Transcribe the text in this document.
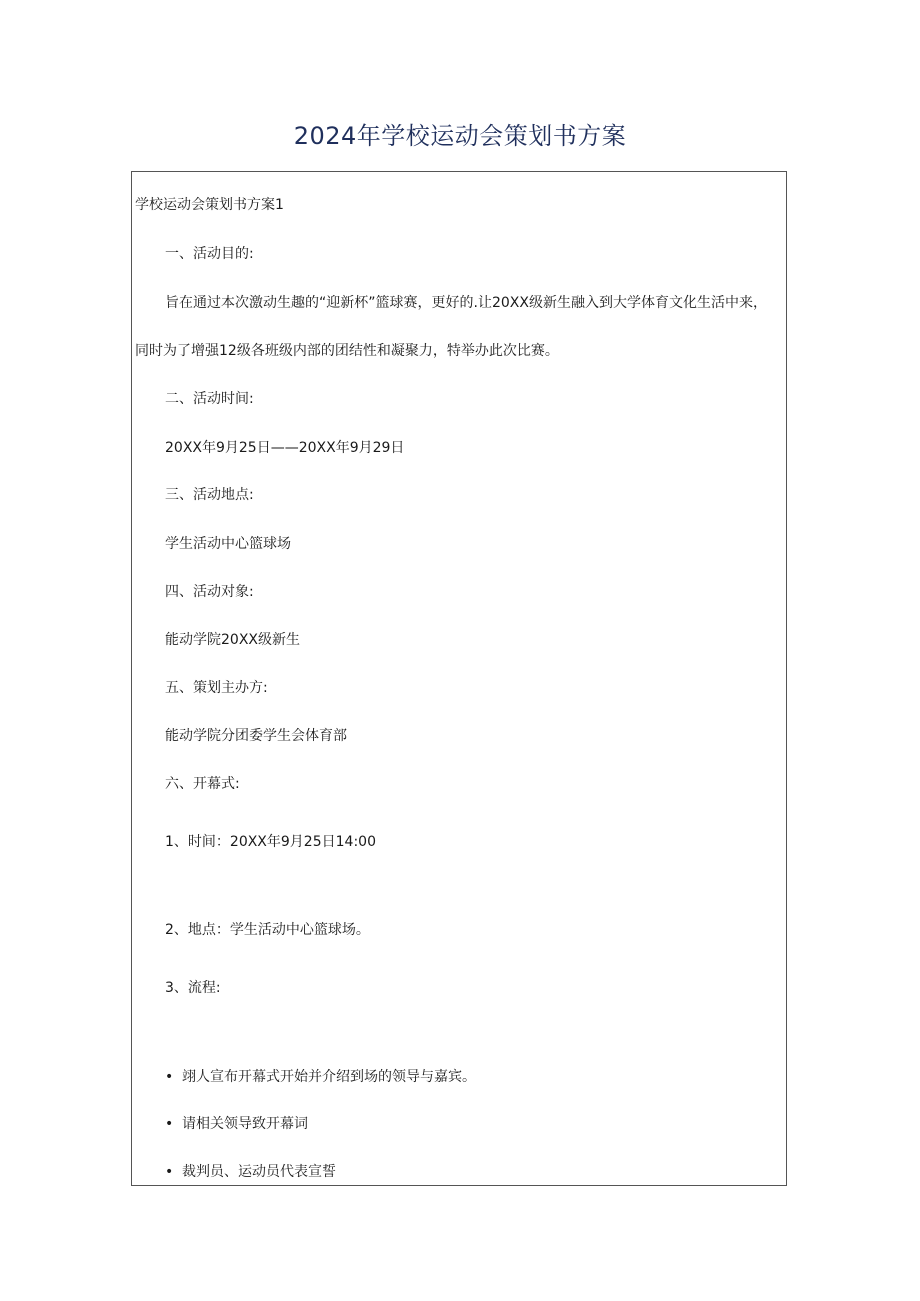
2024年学校运动会策划书方案
学校运动会策划书方案1
一、活动目的:
旨在通过本次激动生趣的“迎新杯”篮球赛，更好的.让20XX级新生融入到大学体育文化生活中来，
同时为了增强12级各班级内部的团结性和凝聚力，特举办此次比赛。
二、活动时间:
20XX年9月25日——20XX年9月29日
三、活动地点:
学生活动中心篮球场
四、活动对象:
能动学院20XX级新生
五、策划主办方:
能动学院分团委学生会体育部
六、开幕式:
1、时间：20XX年9月25日14:00
2、地点：学生活动中心篮球场。
3、流程:
• 翊人宣布开幕式开始并介绍到场的领导与嘉宾。
• 请相关领导致开幕词
• 裁判员、运动员代表宣誓
